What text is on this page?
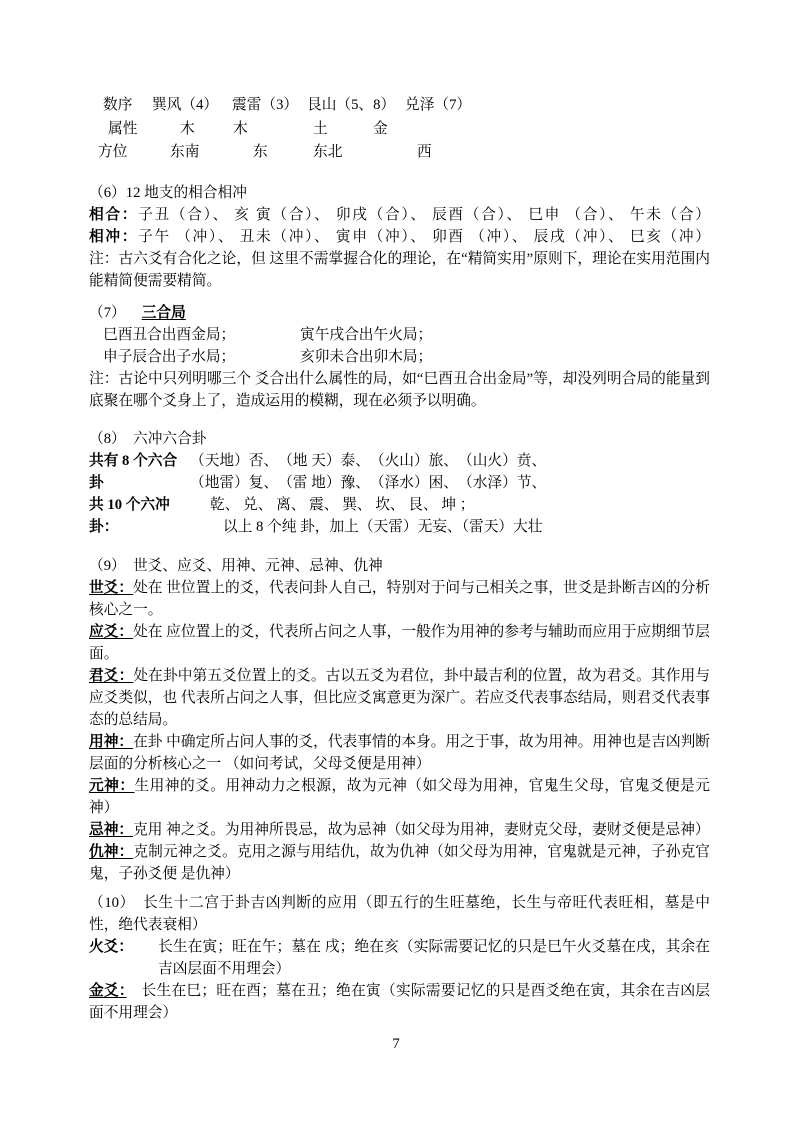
数序 巽风（4） 震雷（3） 艮山（5、8） 兑泽（7）
属性	木	木	土	金
方位	东南	东	东北	西
（6）12 地支的相合相冲
相合：子丑（合）、 亥 寅（合）、 卯戌（合）、 辰酉（合）、 巳申 （合）、 午未（合）
相冲：子午 （冲）、 丑未（冲）、 寅申（冲）、 卯酉 （冲）、 辰戌（冲）、 巳亥（冲）
注：古六爻有合化之论，但 这里不需掌握合化的理论，在“精简实用”原则下，理论在实用范围内能精简便需要精简。
（7） 三合局
巳酉丑合出酉金局；	寅午戌合出午火局；
申子辰合出子水局；	亥卯未合出卯木局；
注：古论中只列明哪三个 爻合出什么属性的局，如“巳酉丑合出金局”等，却没列明合局的能量到底聚在哪个爻身上了，造成运用的模糊，现在必须予以明确。
（8）　六冲六合卦
共有 8 个六合卦
（天地）否、　（地 天）泰、　（火山）旅、　（山火）贲、
（地雷）复、　（雷 地）豫、　（泽水）困、　（水泽）节、
共 10 个六冲卦：
乾、 兑、 离、 震、 巽、 坎、 艮、 坤 ；
以上 8 个纯 卦，加上（天雷）无妄、（雷天）大壮
（9）　世爻、应爻、用神、元神、忌神、仇神
世爻：处在 世位置上的爻，代表问卦人自己，特别对于问与己相关之事，世爻是卦断吉凶的分析核心之一。
应爻：处在 应位置上的爻，代表所占问之人事，一般作为用神的参考与辅助而应用于应期细节层面。
君爻：处在卦中第五爻位置上的爻。古以五爻为君位，卦中最吉利的位置，故为君爻。其作用与应爻类似，也 代表所占问之人事，但比应爻寓意更为深广。若应爻代表事态结局，则君爻代表事态的总结局。
用神：在卦 中确定所占问人事的爻，代表事情的本身。用之于事，故为用神。用神也是吉凶判断层面的分析核心之一 （如问考试，父母爻便是用神）
元神：生用神的爻。用神动力之根源，故为元神（如父母为用神，官鬼生父母，官鬼爻便是元神）
忌神：克用 神之爻。为用神所畏忌，故为忌神（如父母为用神，妻财克父母，妻财爻便是忌神）
仇神：克制元神之爻。克用之源与用结仇，故为仇神（如父母为用神，官鬼就是元神，子孙克官鬼，子孙爻便 是仇神）
（10）　长生十二宫于卦吉凶判断的应用（即五行的生旺墓绝，长生与帝旺代表旺相，墓是中性，绝代表衰相）
火爻：	长生在寅；旺在午；墓在 戌；绝在亥（实际需要记忆的只是巳午火爻墓在戌，其余在吉凶层面不用理会）
金爻：　长生在巳；旺在酉；墓在丑；绝在寅（实际需要记忆的只是酉爻绝在寅，其余在吉凶层面不用理会）
7
